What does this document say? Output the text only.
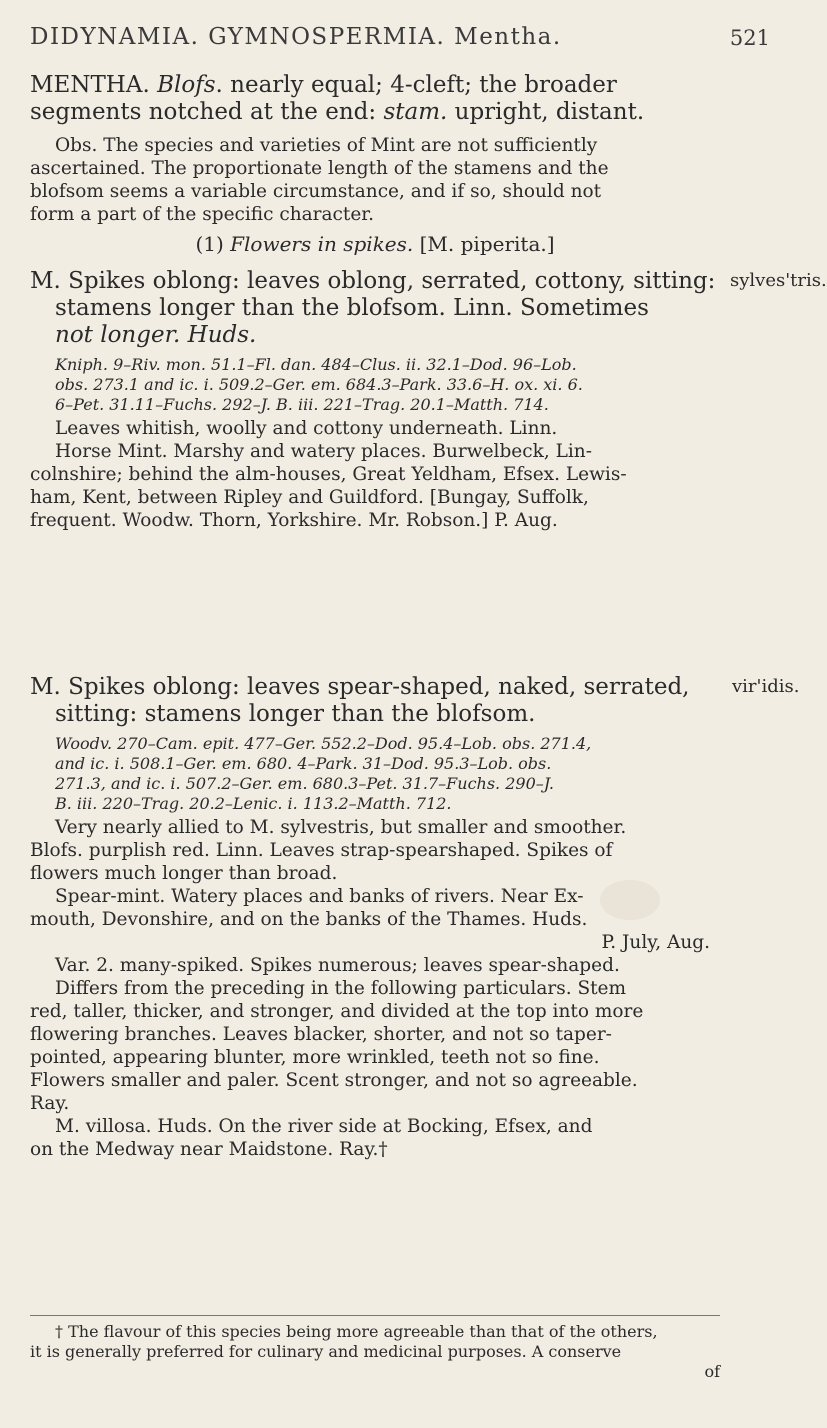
DIDYNAMIA. GYMNOSPERMIA. Mentha.	521
MENTHA. Blofs. nearly equal; 4-cleft; the broader
segments notched at the end: stam. upright, distant.
Obs. The species and varieties of Mint are not sufficiently
ascertained. The proportionate length of the stamens and the
blofsom seems a variable circumstance, and if so, should not
form a part of the specific character.
(1) Flowers in spikes. [M. piperita.]
sylves'tris.
M. Spikes oblong: leaves oblong, serrated, cottony, sitting:
stamens longer than the blofsom. Linn. Sometimes
not longer. Huds.
Kniph. 9–Riv. mon. 51.1–Fl. dan. 484–Clus. ii. 32.1–Dod. 96–Lob.
obs. 273.1 and ic. i. 509.2–Ger. em. 684.3–Park. 33.6–H. ox. xi. 6.
6–Pet. 31.11–Fuchs. 292–J. B. iii. 221–Trag. 20.1–Matth. 714.
Leaves whitish, woolly and cottony underneath. Linn.
Horse Mint. Marshy and watery places. Burwelbeck, Lin-
colnshire; behind the alm-houses, Great Yeldham, Efsex. Lewis-
ham, Kent, between Ripley and Guildford. [Bungay, Suffolk,
frequent. Woodw. Thorn, Yorkshire. Mr. Robson.] P. Aug.
vir'idis.
M. Spikes oblong: leaves spear-shaped, naked, serrated,
sitting: stamens longer than the blofsom.
Woodv. 270–Cam. epit. 477–Ger. 552.2–Dod. 95.4–Lob. obs. 271.4,
and ic. i. 508.1–Ger. em. 680. 4–Park. 31–Dod. 95.3–Lob. obs.
271.3, and ic. i. 507.2–Ger. em. 680.3–Pet. 31.7–Fuchs. 290–J.
B. iii. 220–Trag. 20.2–Lenic. i. 113.2–Matth. 712.
Very nearly allied to M. sylvestris, but smaller and smoother.
Blofs. purplish red. Linn. Leaves strap-spearshaped. Spikes of
flowers much longer than broad.
Spear-mint. Watery places and banks of rivers. Near Ex-
mouth, Devonshire, and on the banks of the Thames. Huds.
P. July, Aug.
Var. 2. many-spiked. Spikes numerous; leaves spear-shaped.
Differs from the preceding in the following particulars. Stem
red, taller, thicker, and stronger, and divided at the top into more
flowering branches. Leaves blacker, shorter, and not so taper-
pointed, appearing blunter, more wrinkled, teeth not so fine.
Flowers smaller and paler. Scent stronger, and not so agreeable.
Ray.
M. villosa. Huds. On the river side at Bocking, Efsex, and
on the Medway near Maidstone. Ray.†
† The flavour of this species being more agreeable than that of the others,
it is generally preferred for culinary and medicinal purposes. A conserve
of
